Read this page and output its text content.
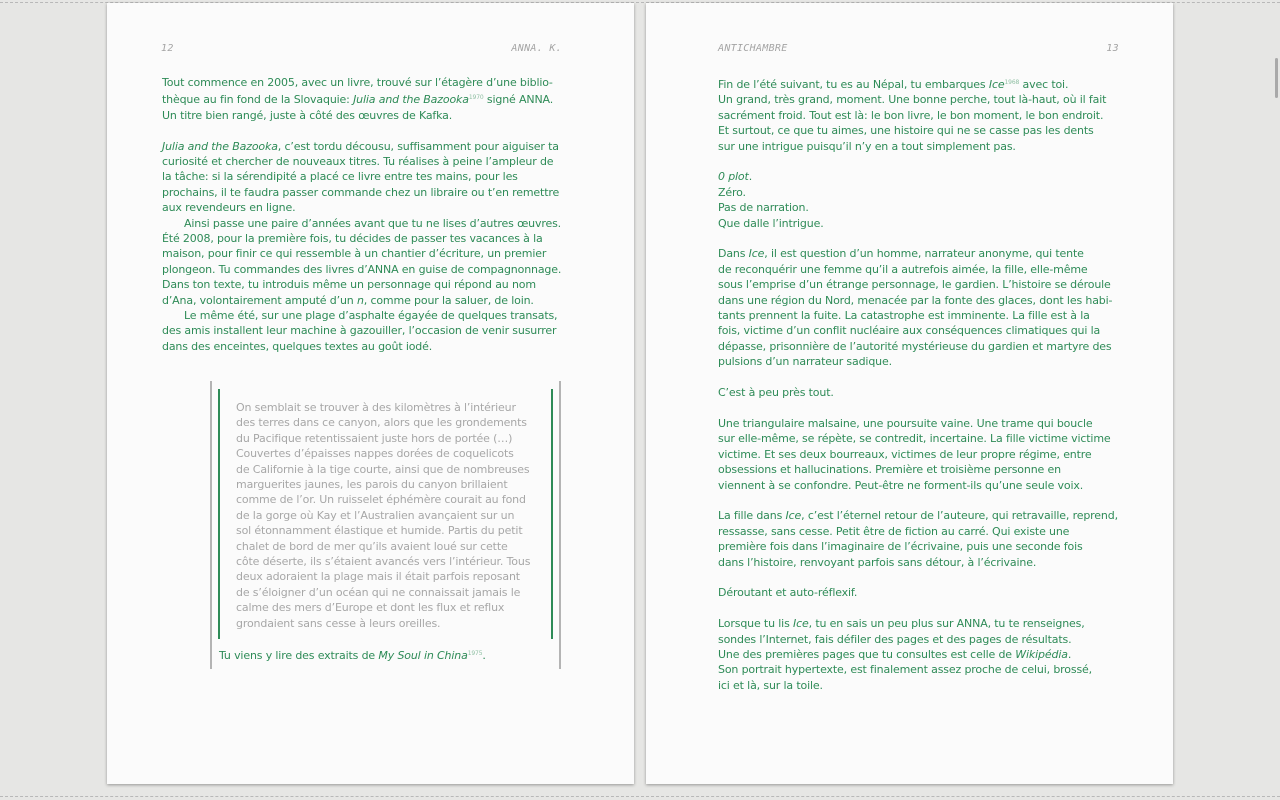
12	ANNA. K.

Tout commence en 2005, avec un livre, trouvé sur l’étagère d’une bibliothèque au fin fond de la Slovaquie: Julia and the Bazooka$^{1970}$ signé ANNA. Un titre bien rangé, juste à côté des œuvres de Kafka.

Julia and the Bazooka, c’est tordu décousu, suffisamment pour aiguiser ta curiosité et chercher de nouveaux titres. Tu réalises à peine l’ampleur de la tâche: si la sérendipité a placé ce livre entre tes mains, pour les prochains, il te faudra passer commande chez un libraire ou t’en remettre aux revendeurs en ligne.

Ainsi passe une paire d’années avant que tu ne lises d’autres œuvres. Été 2008, pour la première fois, tu décides de passer tes vacances à la maison, pour finir ce qui ressemble à un chantier d’écriture, un premier plongeon. Tu commandes des livres d’ANNA en guise de compagnonnage. Dans ton texte, tu introduis même un personnage qui répond au nom d’Ana, volontairement amputé d’un n, comme pour la saluer, de loin.

Le même été, sur une plage d’asphalte égayée de quelques transats, des amis installent leur machine à gazouiller, l’occasion de venir susurrer dans des enceintes, quelques textes au goût iodé.

On semblait se trouver à des kilomètres à l’intérieur
des terres dans ce canyon, alors que les grondements
du Pacifique retentissaient juste hors de portée (…)
Couvertes d’épaisses nappes dorées de coquelicots
de Californie à la tige courte, ainsi que de nombreuses
marguerites jaunes, les parois du canyon brillaient
comme de l’or. Un ruisselet éphémère courait au fond
de la gorge où Kay et l’Australien avançaient sur un
sol étonnamment élastique et humide. Partis du petit
chalet de bord de mer qu’ils avaient loué sur cette
côte déserte, ils s’étaient avancés vers l’intérieur. Tous
deux adoraient la plage mais il était parfois reposant
de s’éloigner d’un océan qui ne connaissait jamais le
calme des mers d’Europe et dont les flux et reflux
grondaient sans cesse à leurs oreilles.
Tu viens y lire des extraits de My Soul in China$^{1975}$.
ANTICHAMBRE	13

Fin de l’été suivant, tu es au Népal, tu embarques Ice$^{1968}$ avec toi.

Un grand, très grand, moment. Une bonne perche, tout là-haut, où il fait

sacrément froid. Tout est là: le bon livre, le bon moment, le bon endroit.

Et surtout, ce que tu aimes, une histoire qui ne se casse pas les dents

sur une intrigue puisqu’il n’y en a tout simplement pas.

0 plot.

Zéro.

Pas de narration.

Que dalle l’intrigue.

Dans Ice, il est question d’un homme, narrateur anonyme, qui tente

de reconquérir une femme qu’il a autrefois aimée, la fille, elle-même

sous l’emprise d’un étrange personnage, le gardien. L’histoire se déroule

dans une région du Nord, menacée par la fonte des glaces, dont les habi-

tants prennent la fuite. La catastrophe est imminente. La fille est à la

fois, victime d’un conflit nucléaire aux conséquences climatiques qui la

dépasse, prisonnière de l’autorité mystérieuse du gardien et martyre des

pulsions d’un narrateur sadique.

C’est à peu près tout.

Une triangulaire malsaine, une poursuite vaine. Une trame qui boucle

sur elle-même, se répète, se contredit, incertaine. La fille victime victime

victime. Et ses deux bourreaux, victimes de leur propre régime, entre

obsessions et hallucinations. Première et troisième personne en

viennent à se confondre. Peut-être ne forment-ils qu’une seule voix.

La fille dans Ice, c’est l’éternel retour de l’auteure, qui retravaille, reprend,

ressasse, sans cesse. Petit être de fiction au carré. Qui existe une

première fois dans l’imaginaire de l’écrivaine, puis une seconde fois

dans l’histoire, renvoyant parfois sans détour, à l’écrivaine.

Déroutant et auto-réflexif.

Lorsque tu lis Ice, tu en sais un peu plus sur ANNA, tu te renseignes,

sondes l’Internet, fais défiler des pages et des pages de résultats.

Une des premières pages que tu consultes est celle de Wikipédia.

Son portrait hypertexte, est finalement assez proche de celui, brossé,

ici et là, sur la toile.
